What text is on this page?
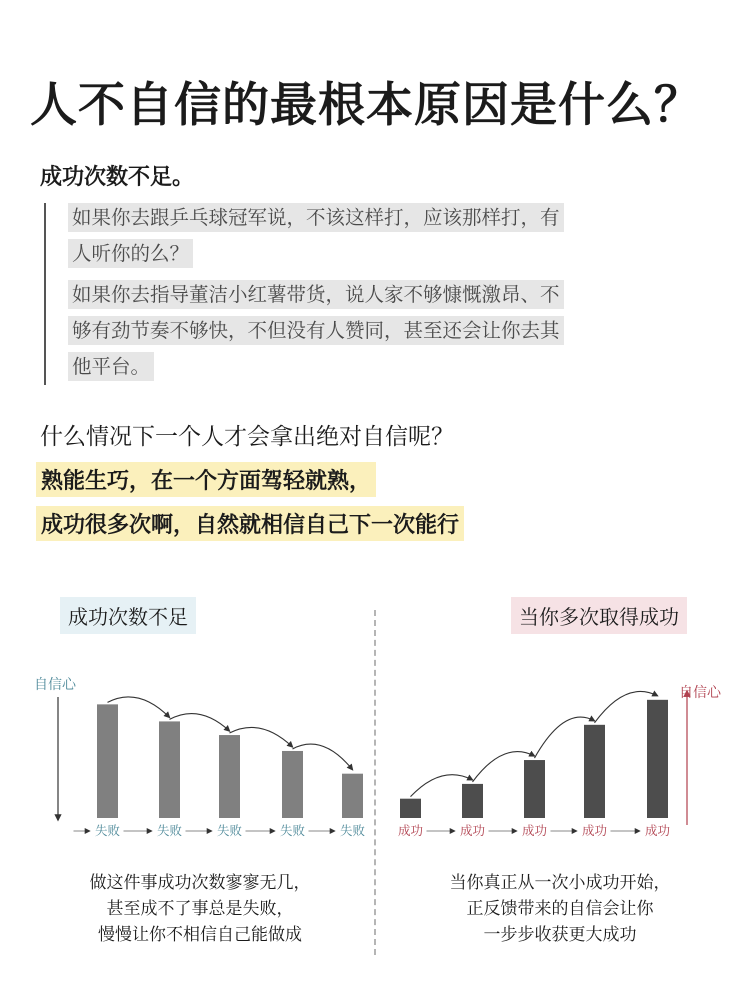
人不自信的最根本原因是什么？
成功次数不足。
如果你去跟乒乓球冠军说，不该这样打，应该那样打，有
人听你的么？

如果你去指导董洁小红薯带货，说人家不够慷慨激昂、不
够有劲节奏不够快，不但没有人赞同，甚至还会让你去其
他平台。
什么情况下一个人才会拿出绝对自信呢？
熟能生巧，在一个方面驾轻就熟，
成功很多次啊，自然就相信自己下一次能行
成功次数不足	当你多次取得成功
自信心
失败	失败	失败	失败	失败
自信心
成功	成功	成功	成功	成功
做这件事成功次数寥寥无几，
甚至成不了事总是失败，
慢慢让你不相信自己能做成
当你真正从一次小成功开始，
正反馈带来的自信会让你
一步步收获更大成功
